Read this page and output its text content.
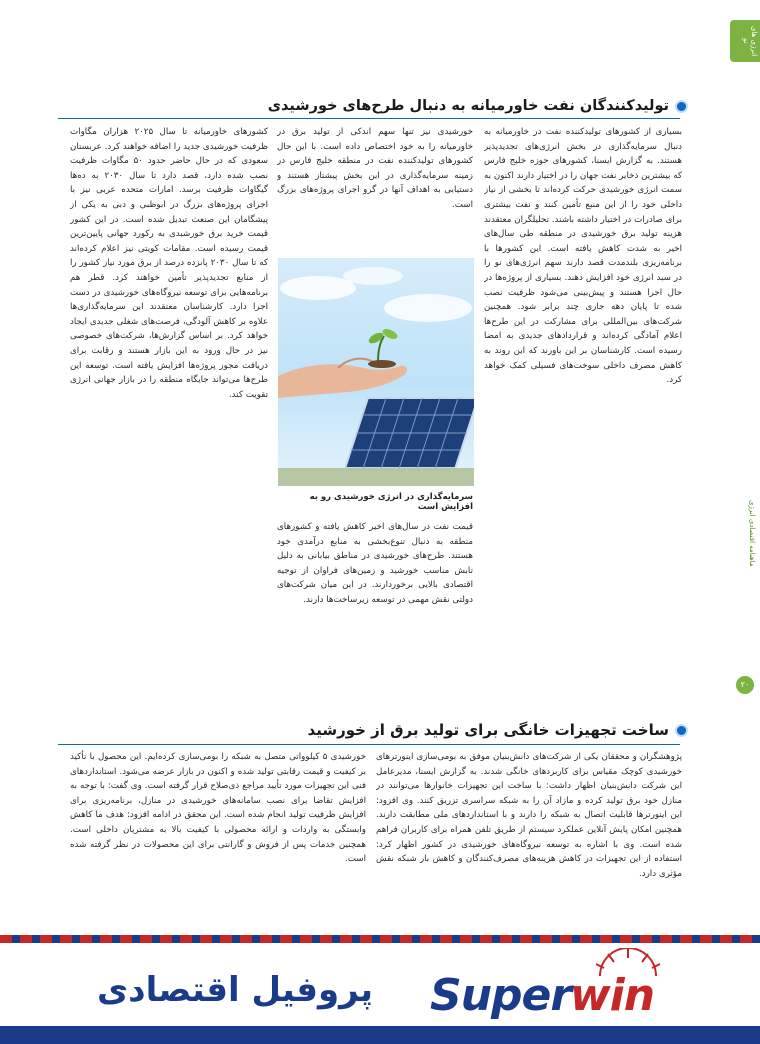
انرژی های نو
ماهنامه اقتصادی انرژی
۲۰
تولیدکنندگان نفت خاورمیانه به دنبال طرح‌های خورشیدی

بسیاری از کشورهای تولیدکننده نفت در خاورمیانه به دنبال سرمایه‌گذاری در بخش انرژی‌های تجدیدپذیر هستند. به گزارش ایسنا، کشورهای حوزه خلیج فارس که بیشترین ذخایر نفت جهان را در اختیار دارند اکنون به سمت انرژی خورشیدی حرکت کرده‌اند تا بخشی از نیاز داخلی خود را از این منبع تأمین کنند و نفت بیشتری برای صادرات در اختیار داشته باشند. تحلیلگران معتقدند هزینه تولید برق خورشیدی در منطقه طی سال‌های اخیر به شدت کاهش یافته است. این کشورها با برنامه‌ریزی بلندمدت قصد دارند سهم انرژی‌های نو را در سبد انرژی خود افزایش دهند. بسیاری از پروژه‌ها در حال اجرا هستند و پیش‌بینی می‌شود ظرفیت نصب شده تا پایان دهه جاری چند برابر شود. همچنین شرکت‌های بین‌المللی برای مشارکت در این طرح‌ها اعلام آمادگی کرده‌اند و قراردادهای جدیدی به امضا رسیده است. کارشناسان بر این باورند که این روند به کاهش مصرف داخلی سوخت‌های فسیلی کمک خواهد کرد.

خورشیدی نیز تنها سهم اندکی از تولید برق در خاورمیانه را به خود اختصاص داده است. با این حال کشورهای تولیدکننده نفت در منطقه خلیج فارس در زمینه سرمایه‌گذاری در این بخش پیشتاز هستند و دستیابی به اهداف آنها در گرو اجرای پروژه‌های بزرگ است.

سرمایه‌گذاری در انرژی خورشیدی رو به افزایش است

قیمت نفت در سال‌های اخیر کاهش یافته و کشورهای منطقه به دنبال تنوع‌بخشی به منابع درآمدی خود هستند. طرح‌های خورشیدی در مناطق بیابانی به دلیل تابش مناسب خورشید و زمین‌های فراوان از توجیه اقتصادی بالایی برخوردارند. در این میان شرکت‌های دولتی نقش مهمی در توسعه زیرساخت‌ها دارند.

کشورهای خاورمیانه تا سال ۲۰۲۵ هزاران مگاوات ظرفیت خورشیدی جدید را اضافه خواهند کرد. عربستان سعودی که در حال حاضر حدود ۵۰ مگاوات ظرفیت نصب شده دارد، قصد دارد تا سال ۲۰۳۰ به ده‌ها گیگاوات ظرفیت برسد. امارات متحده عربی نیز با اجرای پروژه‌های بزرگ در ابوظبی و دبی به یکی از پیشگامان این صنعت تبدیل شده است. در این کشور قیمت خرید برق خورشیدی به رکورد جهانی پایین‌ترین قیمت رسیده است. مقامات کویتی نیز اعلام کرده‌اند که تا سال ۲۰۳۰ پانزده درصد از برق مورد نیاز کشور را از منابع تجدیدپذیر تأمین خواهند کرد. قطر هم برنامه‌هایی برای توسعه نیروگاه‌های خورشیدی در دست اجرا دارد. کارشناسان معتقدند این سرمایه‌گذاری‌ها علاوه بر کاهش آلودگی، فرصت‌های شغلی جدیدی ایجاد خواهد کرد. بر اساس گزارش‌ها، شرکت‌های خصوصی نیز در حال ورود به این بازار هستند و رقابت برای دریافت مجوز پروژه‌ها افزایش یافته است. توسعه این طرح‌ها می‌تواند جایگاه منطقه را در بازار جهانی انرژی تقویت کند.

ساخت تجهیزات خانگی برای تولید برق از خورشید

پژوهشگران و محققان یکی از شرکت‌های دانش‌بنیان موفق به بومی‌سازی اینورترهای خورشیدی کوچک مقیاس برای کاربردهای خانگی شدند. به گزارش ایسنا، مدیرعامل این شرکت دانش‌بنیان اظهار داشت: با ساخت این تجهیزات خانوارها می‌توانند در منازل خود برق تولید کرده و مازاد آن را به شبکه سراسری تزریق کنند. وی افزود: این اینورترها قابلیت اتصال به شبکه را دارند و با استانداردهای ملی مطابقت دارند. همچنین امکان پایش آنلاین عملکرد سیستم از طریق تلفن همراه برای کاربران فراهم شده است. وی با اشاره به توسعه نیروگاه‌های خورشیدی در کشور اظهار کرد: استفاده از این تجهیزات در کاهش هزینه‌های مصرف‌کنندگان و کاهش بار شبکه نقش مؤثری دارد.

خورشیدی ۵ کیلوواتی متصل به شبکه را بومی‌سازی کرده‌ایم. این محصول با تأکید بر کیفیت و قیمت رقابتی تولید شده و اکنون در بازار عرضه می‌شود. استانداردهای فنی این تجهیزات مورد تأیید مراجع ذی‌صلاح قرار گرفته است. وی گفت: با توجه به افزایش تقاضا برای نصب سامانه‌های خورشیدی در منازل، برنامه‌ریزی برای افزایش ظرفیت تولید انجام شده است. این محقق در ادامه افزود: هدف ما کاهش وابستگی به واردات و ارائه محصولی با کیفیت بالا به مشتریان داخلی است. همچنین خدمات پس از فروش و گارانتی برای این محصولات در نظر گرفته شده است.

Super
win
پروفیل اقتصادی
